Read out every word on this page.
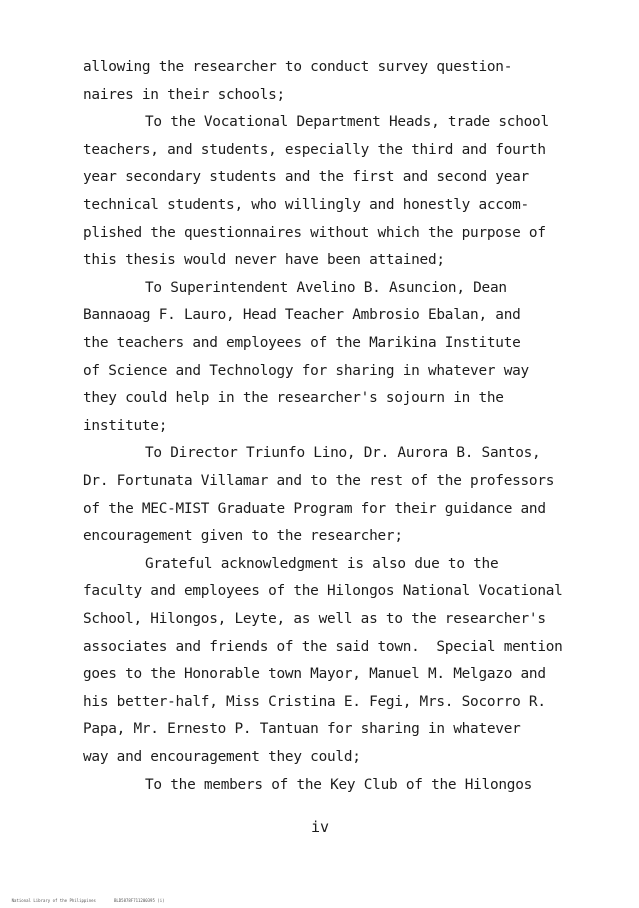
allowing the researcher to conduct survey question-
naires in their schools;
To the Vocational Department Heads, trade school
teachers, and students, especially the third and fourth
year secondary students and the first and second year
technical students, who willingly and honestly accom-
plished the questionnaires without which the purpose of
this thesis would never have been attained;
To Superintendent Avelino B. Asuncion, Dean
Bannaoag F. Lauro, Head Teacher Ambrosio Ebalan, and
the teachers and employees of the Marikina Institute
of Science and Technology for sharing in whatever way
they could help in the researcher's sojourn in the
institute;
To Director Triunfo Lino, Dr. Aurora B. Santos,
Dr. Fortunata Villamar and to the rest of the professors
of the MEC-MIST Graduate Program for their guidance and
encouragement given to the researcher;
Grateful acknowledgment is also due to the
faculty and employees of the Hilongos National Vocational
School, Hilongos, Leyte, as well as to the researcher's
associates and friends of the said town.  Special mention
goes to the Honorable town Mayor, Manuel M. Melgazo and
his better-half, Miss Cristina E. Fegi, Mrs. Socorro R.
Papa, Mr. Ernesto P. Tantuan for sharing in whatever
way and encouragement they could;
To the members of the Key Club of the Hilongos
iv

National Library of the Philippines	BLD5878F711200395 (i)
